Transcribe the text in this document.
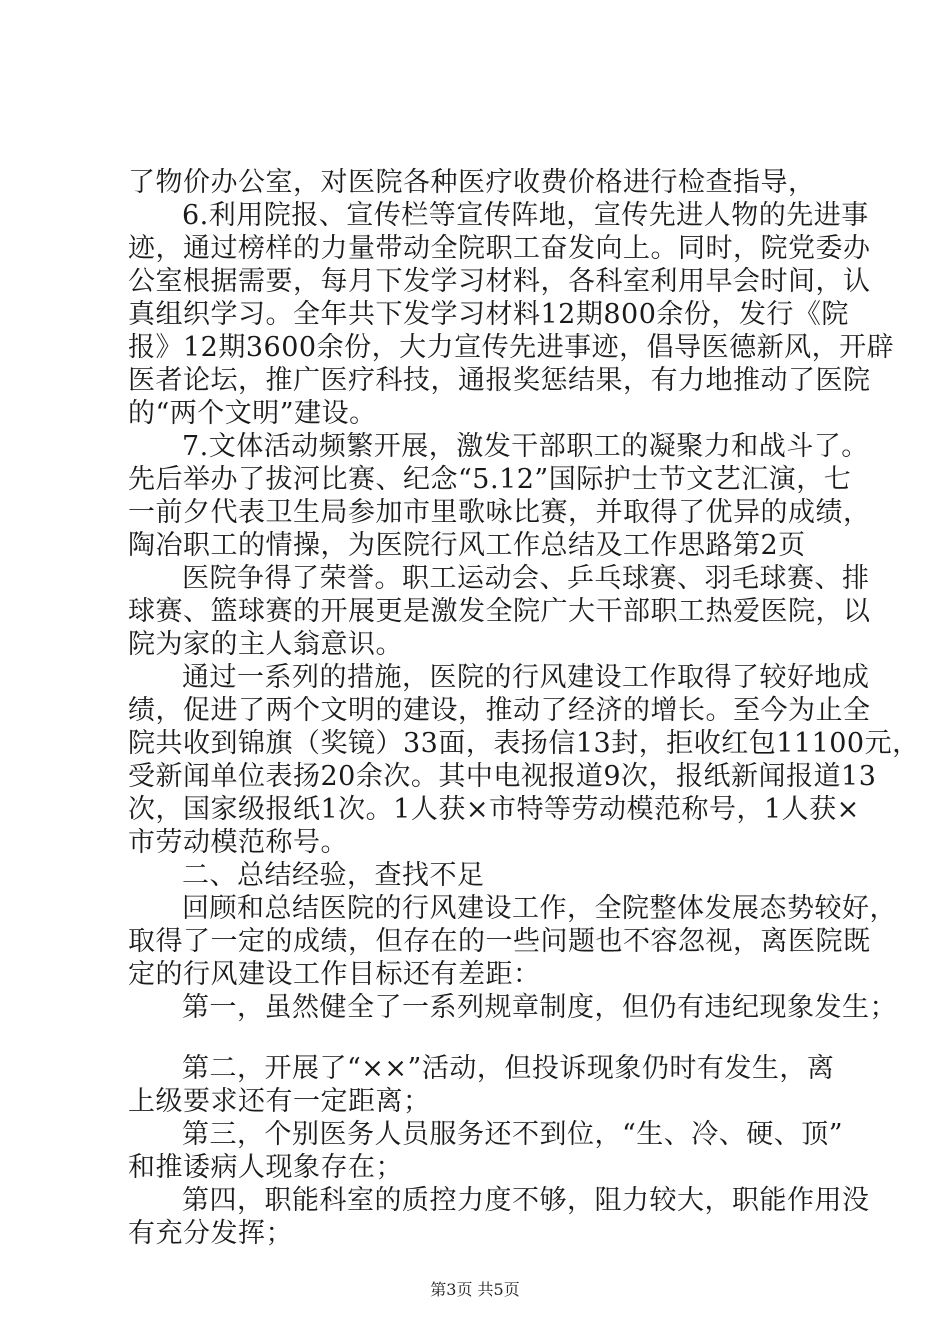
了物价办公室，对医院各种医疗收费价格进行检查指导，
6.利用院报、宣传栏等宣传阵地，宣传先进人物的先进事
迹，通过榜样的力量带动全院职工奋发向上。同时，院党委办
公室根据需要，每月下发学习材料，各科室利用早会时间，认
真组织学习。全年共下发学习材料12期800余份，发行《院
报》12期3600余份，大力宣传先进事迹，倡导医德新风，开辟
医者论坛，推广医疗科技，通报奖惩结果，有力地推动了医院
的“两个文明”建设。
7.文体活动频繁开展，激发干部职工的凝聚力和战斗了。
先后举办了拔河比赛、纪念“5.12”国际护士节文艺汇演，七
一前夕代表卫生局参加市里歌咏比赛，并取得了优异的成绩，
陶冶职工的情操，为医院行风工作总结及工作思路第2页
医院争得了荣誉。职工运动会、乒乓球赛、羽毛球赛、排
球赛、篮球赛的开展更是激发全院广大干部职工热爱医院，以
院为家的主人翁意识。
通过一系列的措施，医院的行风建设工作取得了较好地成
绩，促进了两个文明的建设，推动了经济的增长。至今为止全
院共收到锦旗（奖镜）33面，表扬信13封，拒收红包11100元，
受新闻单位表扬20余次。其中电视报道9次，报纸新闻报道13
次，国家级报纸1次。1人获×市特等劳动模范称号，1人获×
市劳动模范称号。
二、总结经验，查找不足
回顾和总结医院的行风建设工作，全院整体发展态势较好，
取得了一定的成绩，但存在的一些问题也不容忽视，离医院既
定的行风建设工作目标还有差距：
第一，虽然健全了一系列规章制度，但仍有违纪现象发生；
第二，开展了“××”活动，但投诉现象仍时有发生，离
上级要求还有一定距离；
第三，个别医务人员服务还不到位，“生、冷、硬、顶”
和推诿病人现象存在；
第四，职能科室的质控力度不够，阻力较大，职能作用没
有充分发挥；
第3页 共5页
